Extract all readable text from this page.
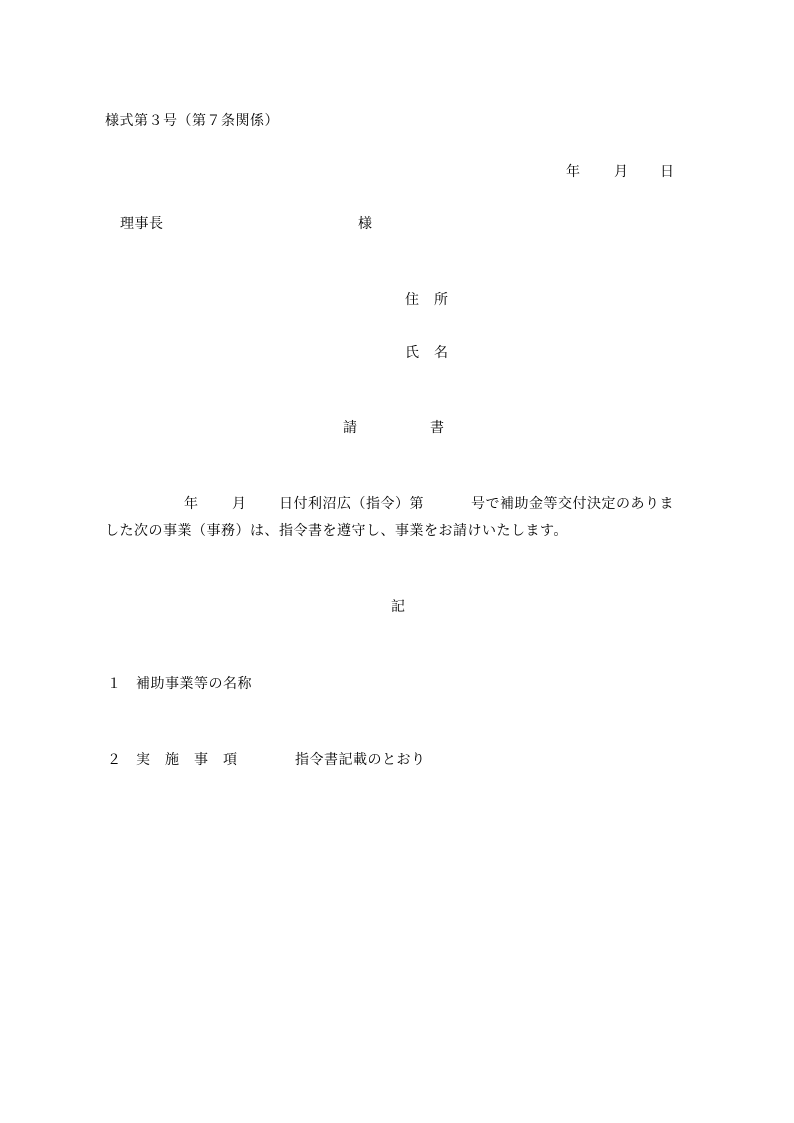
様式第３号（第７条関係）
年 月 日
理事長	様
住　所
氏　名
請　　　　　書
年 月 日付利沼広（指令）第	号で補助金等交付決定のありま
した次の事業（事務）は、指令書を遵守し、事業をお請けいたします。
記
１ 補助事業等の名称
２ 実　施　事　項	指令書記載のとおり
